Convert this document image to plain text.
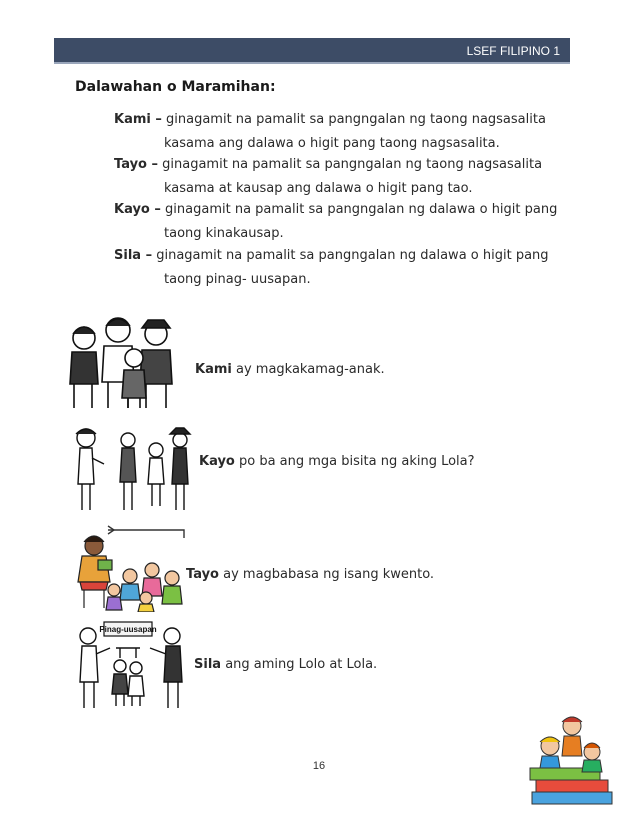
LSEF FILIPINO 1
Dalawahan o Maramihan:
Kami – ginagamit na pamalit sa pangngalan ng taong nagsasalita
kasama ang dalawa o higit pang taong nagsasalita.
Tayo – ginagamit na pamalit sa pangngalan ng taong nagsasalita
kasama at kausap ang dalawa o higit pang tao.
Kayo – ginagamit na pamalit sa pangngalan ng dalawa o higit pang
taong kinakausap.
Sila – ginagamit na pamalit sa pangngalan ng dalawa o higit pang
taong pinag- uusapan.
Kami ay magkakamag-anak.
Kayo po ba ang mga bisita ng aking Lola?
Tayo ay magbabasa ng isang kwento.
Pinag-uusapan
Sila ang aming Lolo at Lola.
16
